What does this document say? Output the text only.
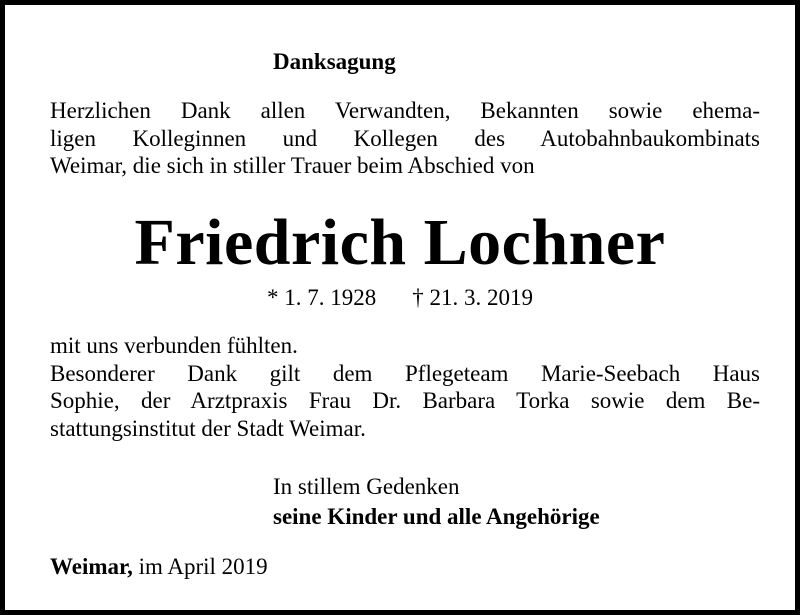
Danksagung

Herzlichen Dank allen Verwandten, Bekannten sowie ehema-
ligen Kolleginnen und Kollegen des Autobahnbaukombinats
Weimar, die sich in stiller Trauer beim Abschied von

Friedrich Lochner
* 1. 7. 1928 † 21. 3. 2019

mit uns verbunden fühlten.
Besonderer Dank gilt dem Pflegeteam Marie-Seebach Haus
Sophie, der Arztpraxis Frau Dr. Barbara Torka sowie dem Be-
stattungsinstitut der Stadt Weimar.

In stillem Gedenken
seine Kinder und alle Angehörige
Weimar, im April 2019
